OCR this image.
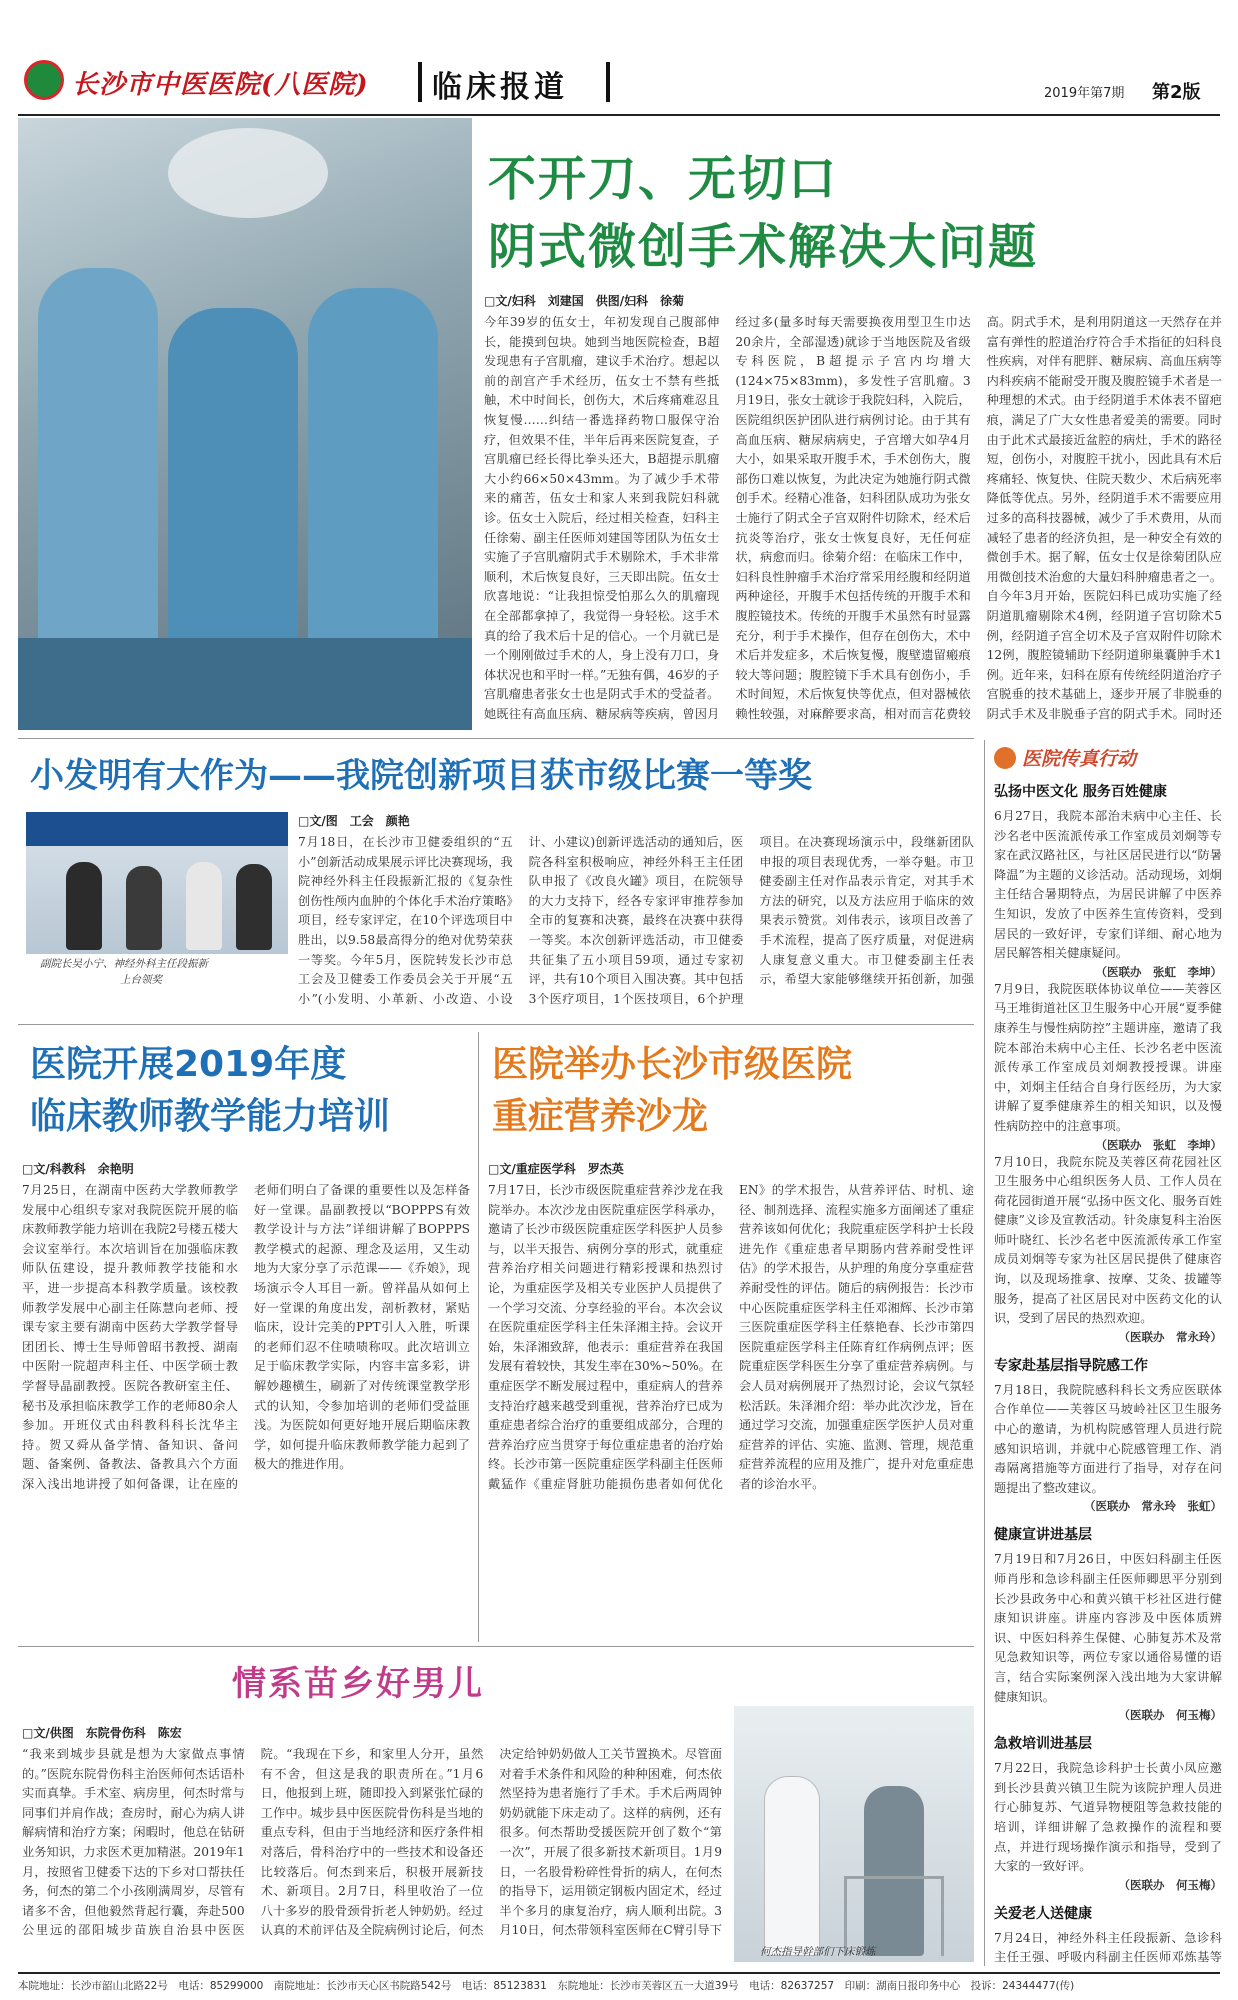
长沙市中医医院(八医院) 临床报道	2019年第7期 第2版
不开刀、无切口
阴式微创手术解决大问题
□文/妇科　刘建国　供图/妇科　徐菊
今年39岁的伍女士，年初发现自己腹部伸长，能摸到包块。她到当地医院检查，B超发现患有子宫肌瘤，建议手术治疗。想起以前的剖宫产手术经历，伍女士不禁有些抵触，术中时间长，创伤大，术后疼痛难忍且恢复慢……纠结一番选择药物口服保守治疗，但效果不佳，半年后再来医院复查，子宫肌瘤已经长得比拳头还大，B超提示肌瘤大小约66×50×43mm。为了减少手术带来的痛苦，伍女士和家人来到我院妇科就诊。伍女士入院后，经过相关检查，妇科主任徐菊、副主任医师刘建国等团队为伍女士实施了子宫肌瘤阴式手术剔除术，手术非常顺利，术后恢复良好，三天即出院。伍女士欣喜地说：“让我担惊受怕那么久的肌瘤现在全部都拿掉了，我觉得一身轻松。这手术真的给了我术后十足的信心。一个月就已是一个刚刚做过手术的人，身上没有刀口，身体状况也和平时一样。”无独有偶，46岁的子宫肌瘤患者张女士也是阴式手术的受益者。她既往有高血压病、糖尿病等疾病，曾因月经过多(量多时每天需要换夜用型卫生巾达20余片，全部湿透)就诊于当地医院及省级专科医院，B超提示子宫内均增大(124×75×83mm)，多发性子宫肌瘤。3月19日，张女士就诊于我院妇科，入院后，医院组织医护团队进行病例讨论。由于其有高血压病、糖尿病病史，子宫增大如孕4月大小，如果采取开腹手术，手术创伤大，腹部伤口难以恢复，为此决定为她施行阴式微创手术。经精心准备，妇科团队成功为张女士施行了阴式全子宫双附件切除术，经术后抗炎等治疗，张女士恢复良好，无任何症状，病愈而归。徐菊介绍：在临床工作中，妇科良性肿瘤手术治疗常采用经腹和经阴道两种途径，开腹手术包括传统的开腹手术和腹腔镜技术。传统的开腹手术虽然有时显露充分，利于手术操作，但存在创伤大，术中术后并发症多，术后恢复慢，腹壁遗留瘢痕较大等问题；腹腔镜下手术具有创伤小，手术时间短，术后恢复快等优点，但对器械依赖性较强，对麻醉要求高，相对而言花费较高。阴式手术，是利用阴道这一天然存在并富有弹性的腔道治疗符合手术指征的妇科良性疾病，对伴有肥胖、糖尿病、高血压病等内科疾病不能耐受开腹及腹腔镜手术者是一种理想的术式。由于经阴道手术体表不留疤痕，满足了广大女性患者爱美的需要。同时由于此术式最接近盆腔的病灶，手术的路径短，创伤小，对腹腔干扰小，因此具有术后疼痛轻、恢复快、住院天数少、术后病死率降低等优点。另外，经阴道手术不需要应用过多的高科技器械，减少了手术费用，从而减轻了患者的经济负担，是一种安全有效的微创手术。据了解，伍女士仅是徐菊团队应用微创技术治愈的大量妇科肿瘤患者之一。自今年3月开始，医院妇科已成功实施了经阴道肌瘤剔除术4例，经阴道子宫切除术5例，经阴道子宫全切术及子宫双附件切除术12例，腹腔镜辅助下经阴道卵巢囊肿手术1例。近年来，妇科在原有传统经阴道治疗子宫脱垂的技术基础上，逐步开展了非脱垂的阴式手术及非脱垂子宫的阴式手术。同时还
小发明有大作为——我院创新项目获市级比赛一等奖
副院长吴小宁、神经外科主任段振新
上台领奖
□文/图　工会　颜艳
7月18日，在长沙市卫健委组织的“五小”创新活动成果展示评比决赛现场，我院神经外科主任段振新汇报的《复杂性创伤性颅内血肿的个体化手术治疗策略》项目，经专家评定，在10个评选项目中胜出，以9.58最高得分的绝对优势荣获一等奖。今年5月，医院转发长沙市总工会及卫健委工作委员会关于开展“五小”(小发明、小革新、小改造、小设计、小建议)创新评选活动的通知后，医院各科室积极响应，神经外科王主任团队申报了《改良火罐》项目，在院领导的大力支持下，经各专家评审推荐参加全市的复赛和决赛，最终在决赛中获得一等奖。本次创新评选活动，市卫健委共征集了五小项目59项，通过专家初评，共有10个项目入围决赛。其中包括3个医疗项目，1个医技项目，6个护理项目。在决赛现场演示中，段继新团队申报的项目表现优秀，一举夺魁。市卫健委副主任对作品表示肯定，对其手术方法的研究，以及方法应用于临床的效果表示赞赏。刘伟表示，该项目改善了手术流程，提高了医疗质量，对促进病人康复意义重大。市卫健委副主任表示，希望大家能够继续开拓创新，加强
医院开展2019年度
临床教师教学能力培训
□文/科教科　余艳明
7月25日，在湖南中医药大学教师教学发展中心组织专家对我院医院开展的临床教师教学能力培训在我院2号楼五楼大会议室举行。本次培训旨在加强临床教师队伍建设，提升教师教学技能和水平，进一步提高本科教学质量。该校教师教学发展中心副主任陈慧向老师、授课专家主要有湖南中医药大学教学督导团团长、博士生导师曾昭书教授、湖南中医附一院超声科主任、中医学硕士教学督导晶副教授。医院各教研室主任、秘书及承担临床教学工作的老师80余人参加。开班仪式由科教科科长沈华主持。贺又舜从备学情、备知识、备问题、备案例、备教法、备教具六个方面深入浅出地讲授了如何备课，让在座的老师们明白了备课的重要性以及怎样备好一堂课。晶副教授以“BOPPPS有效教学设计与方法”详细讲解了BOPPPS教学模式的起源、理念及运用，又生动地为大家分享了示范课——《乔娘》，现场演示令人耳目一新。曾祥晶从如何上好一堂课的角度出发，剖析教材，紧贴临床，设计完美的PPT引人入胜，听课的老师们忍不住啧啧称叹。此次培训立足于临床教学实际，内容丰富多彩，讲解妙趣横生，刷新了对传统课堂教学形式的认知，令参加培训的老师们受益匪浅。为医院如何更好地开展后期临床教学，如何提升临床教师教学能力起到了极大的推进作用。
医院举办长沙市级医院
重症营养沙龙
□文/重症医学科　罗杰英
7月17日，长沙市级医院重症营养沙龙在我院举办。本次沙龙由医院重症医学科承办，邀请了长沙市级医院重症医学科医护人员参与，以半天报告、病例分享的形式，就重症营养治疗相关问题进行精彩授课和热烈讨论，为重症医学及相关专业医护人员提供了一个学习交流、分享经验的平台。本次会议在医院重症医学科主任朱泽湘主持。会议开始，朱泽湘致辞，他表示：重症营养在我国发展有着较快，其发生率在30%~50%。在重症医学不断发展过程中，重症病人的营养支持治疗越来越受到重视，营养治疗已成为重症患者综合治疗的重要组成部分，合理的营养治疗应当贯穿于每位重症患者的治疗始终。长沙市第一医院重症医学科副主任医师戴猛作《重症肾脏功能损伤患者如何优化EN》的学术报告，从营养评估、时机、途径、制剂选择、流程实施多方面阐述了重症营养该如何优化；我院重症医学科护士长段进先作《重症患者早期肠内营养耐受性评估》的学术报告，从护理的角度分享重症营养耐受性的评估。随后的病例报告：长沙市中心医院重症医学科主任邓湘辉、长沙市第三医院重症医学科主任蔡艳春、长沙市第四医院重症医学科主任陈育红作病例点评；医院重症医学科医生分享了重症营养病例。与会人员对病例展开了热烈讨论，会议气氛轻松活跃。朱泽湘介绍：举办此次沙龙，旨在通过学习交流，加强重症医学医护人员对重症营养的评估、实施、监测、管理，规范重症营养流程的应用及推广，提升对危重症患者的诊治水平。
情系苗乡好男儿
□文/供图　东院骨伤科　陈宏
“我来到城步县就是想为大家做点事情的。”医院东院骨伤科主治医师何杰话语朴实而真挚。手术室、病房里，何杰时常与同事们并肩作战；查房时，耐心为病人讲解病情和治疗方案；闲暇时，他总在钻研业务知识，力求医术更加精湛。2019年1月，按照省卫健委下达的下乡对口帮扶任务，何杰的第二个小孩刚满周岁，尽管有诸多不舍，但他毅然背起行囊，奔赴500公里远的邵阳城步苗族自治县中医医院。“我现在下乡，和家里人分开，虽然有不舍，但这是我的职责所在。”1月6日，他报到上班，随即投入到紧张忙碌的工作中。城步县中医医院骨伤科是当地的重点专科，但由于当地经济和医疗条件相对落后，骨科治疗中的一些技术和设备还比较落后。何杰到来后，积极开展新技术、新项目。2月7日，科里收治了一位八十多岁的股骨颈骨折老人钟奶奶。经过认真的术前评估及全院病例讨论后，何杰决定给钟奶奶做人工关节置换术。尽管面对着手术条件和风险的种种困难，何杰依然坚持为患者施行了手术。手术后两周钟奶奶就能下床走动了。这样的病例，还有很多。何杰帮助受援医院开创了数个“第一次”，开展了很多新技术新项目。1月9日，一名股骨粉碎性骨折的病人，在何杰的指导下，运用锁定钢板内固定术，经过半个多月的康复治疗，病人顺利出院。3月10日，何杰带领科室医师在C臂引导下
何杰指导幹部们下床锻炼
医院传真行动
弘扬中医文化 服务百姓健康
6月27日，我院本部治未病中心主任、长沙名老中医流派传承工作室成员刘炯等专家在武汉路社区，与社区居民进行以“防暑降温”为主题的义诊活动。活动现场，刘炯主任结合暑期特点，为居民讲解了中医养生知识，发放了中医养生宣传资料，受到居民的一致好评，专家们详细、耐心地为居民解答相关健康疑问。
（医联办　张虹　李坤）
7月9日，我院医联体协议单位——芙蓉区马王堆街道社区卫生服务中心开展“夏季健康养生与慢性病防控”主题讲座，邀请了我院本部治未病中心主任、长沙名老中医流派传承工作室成员刘炯教授授课。讲座中，刘炯主任结合自身行医经历，为大家讲解了夏季健康养生的相关知识，以及慢性病防控中的注意事项。
（医联办　张虹　李坤）
7月10日，我院东院及芙蓉区荷花园社区卫生服务中心组织医务人员、工作人员在荷花园街道开展“弘扬中医文化、服务百姓健康”义诊及宣教活动。针灸康复科主治医师叶晓红、长沙名老中医流派传承工作室成员刘炯等专家为社区居民提供了健康咨询，以及现场推拿、按摩、艾灸、拔罐等服务，提高了社区居民对中医药文化的认识，受到了居民的热烈欢迎。
（医联办　常永玲）
专家赴基层指导院感工作
7月18日，我院院感科科长文秀应医联体合作单位——芙蓉区马坡岭社区卫生服务中心的邀请，为机构院感管理人员进行院感知识培训，并就中心院感管理工作、消毒隔离措施等方面进行了指导，对存在问题提出了整改建议。
（医联办　常永玲　张虹）
健康宣讲进基层
7月19日和7月26日，中医妇科副主任医师肖彤和急诊科副主任医师卿思平分别到长沙县政务中心和黄兴镇干杉社区进行健康知识讲座。讲座内容涉及中医体质辨识、中医妇科养生保健、心肺复苏术及常见急救知识等，两位专家以通俗易懂的语言，结合实际案例深入浅出地为大家讲解健康知识。
（医联办　何玉梅）
急救培训进基层
7月22日，我院急诊科护士长黄小凤应邀到长沙县黄兴镇卫生院为该院护理人员进行心肺复苏、气道异物梗阻等急救技能的培训，详细讲解了急救操作的流程和要点，并进行现场操作演示和指导，受到了大家的一致好评。
（医联办　何玉梅）
关爱老人送健康
7月24日，神经外科主任段振新、急诊科主任王强、呼吸内科副主任医师邓炼基等
本院地址：长沙市韶山北路22号　电话：85299000　南院地址：长沙市天心区书院路542号　电话：85123831　东院地址：长沙市芙蓉区五一大道39号　电话：82637257　印刷：湖南日报印务中心　投诉：24344477(传)
